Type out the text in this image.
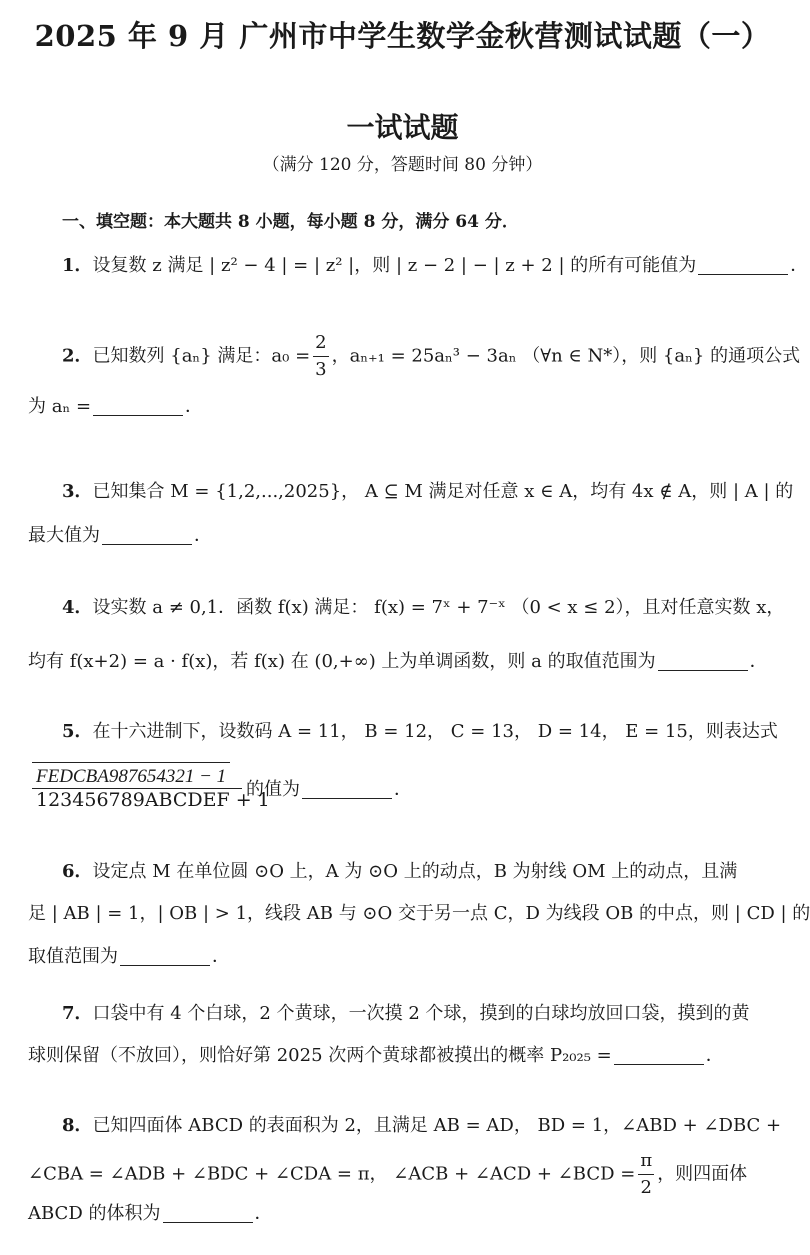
2025 年 9 月 广州市中学生数学金秋营测试试题（一）
一试试题
（满分 120 分，答题时间 80 分钟）
一、填空题：本大题共 8 小题，每小题 8 分，满分 64 分．
1．设复数 z 满足 | z² − 4 | = | z² |，则 | z − 2 | − | z + 2 | 的所有可能值为	．
2．已知数列 {aₙ} 满足：$a_0 = \frac{2}{3}$ ，aₙ₊₁ = 25aₙ³ − 3aₙ （∀n ∈ N*），则 {aₙ} 的通项公式
为 aₙ =	．
3．已知集合 M = {1,2,...,2025}， A ⊆ M 满足对任意 x ∈ A，均有 4x ∉ A，则 | A | 的
最大值为	．
4．设实数 a ≠ 0,1．函数 f(x) 满足： f(x) = 7ˣ + 7⁻ˣ （0 < x ≤ 2），且对任意实数 x，
均有 f(x+2) = a · f(x)，若 f(x) 在 (0,+∞) 上为单调函数，则 a 的取值范围为	．
5．在十六进制下，设数码 A = 11， B = 12， C = 13， D = 14， E = 15，则表达式
FEDCBA987654321 − 1
123456789ABCDEF + 1
的值为	．
6．设定点 M 在单位圆 ⊙O 上，A 为 ⊙O 上的动点，B 为射线 OM 上的动点，且满
足 | AB | = 1，| OB | > 1，线段 AB 与 ⊙O 交于另一点 C，D 为线段 OB 的中点，则 | CD | 的
取值范围为	．
7．口袋中有 4 个白球，2 个黄球，一次摸 2 个球，摸到的白球均放回口袋，摸到的黄
球则保留（不放回），则恰好第 2025 次两个黄球都被摸出的概率 P₂₀₂₅ =	．
8．已知四面体 ABCD 的表面积为 2，且满足 AB = AD， BD = 1，∠ABD + ∠DBC +
∠CBA = ∠ADB + ∠BDC + ∠CDA = π， ∠ACB + ∠ACD + ∠BCD = $\frac{\pi}{2}$ ，则四面体
ABCD 的体积为	．
